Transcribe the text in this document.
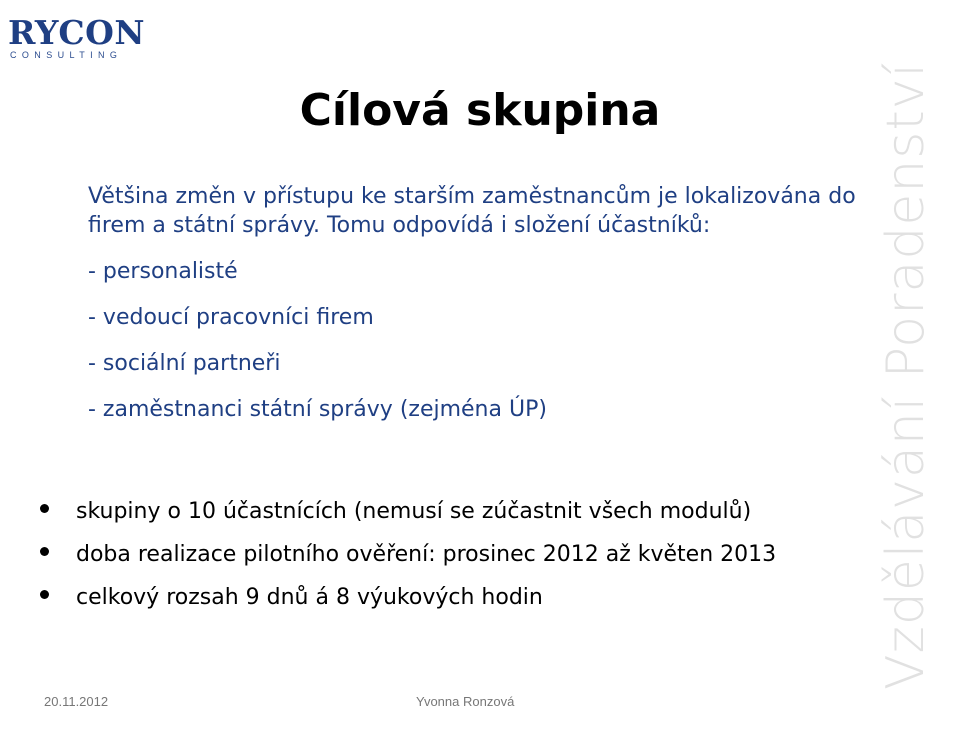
RYCON
CONSULTING
Vzdělávání Poradenství
Cílová skupina

Většina změn v přístupu ke starším zaměstnancům je lokalizována do firem a státní správy. Tomu odpovídá i složení účastníků:

- personalisté

- vedoucí pracovníci firem

- sociální partneři

- zaměstnanci státní správy (zejména ÚP)

skupiny o 10 účastnících (nemusí se zúčastnit všech modulů)
doba realizace pilotního ověření: prosinec 2012 až květen 2013
celkový rozsah 9 dnů á 8 výukových hodin
20.11.2012	Yvonna Ronzová
